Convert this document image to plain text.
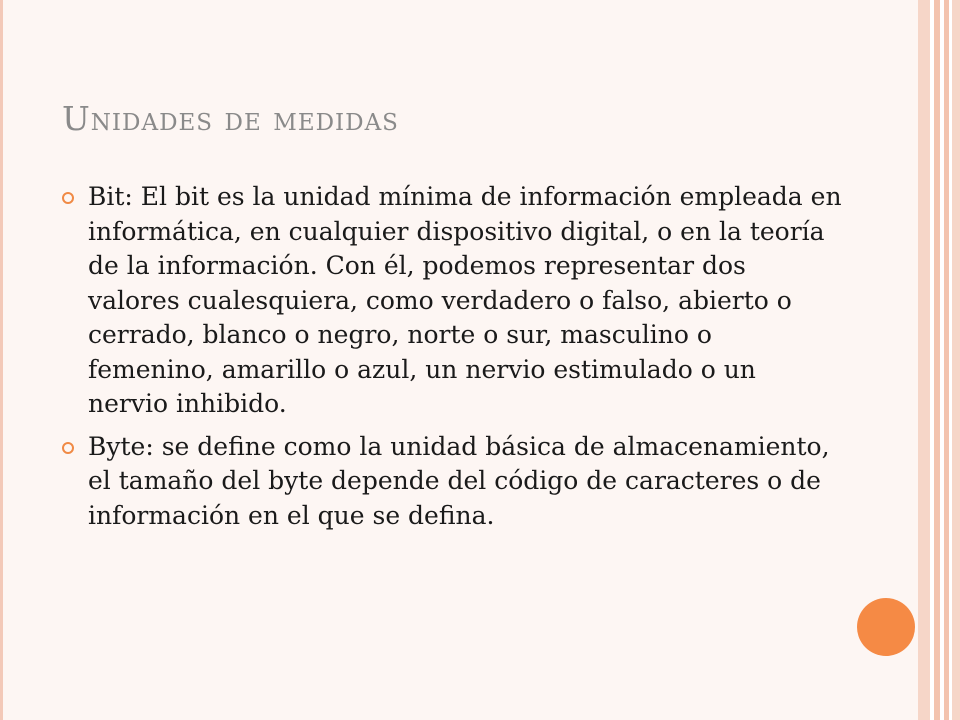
Unidades de medidas
Bit: El bit es la unidad mínima de información empleada en informática, en cualquier dispositivo digital, o en la teoría de la información. Con él, podemos representar dos valores cualesquiera, como verdadero o falso, abierto o cerrado, blanco o negro, norte o sur, masculino o femenino, amarillo o azul, un nervio estimulado o un nervio inhibido.
Byte: se define como la unidad básica de almacenamiento, el tamaño del byte depende del código de caracteres o de información en el que se defina.
